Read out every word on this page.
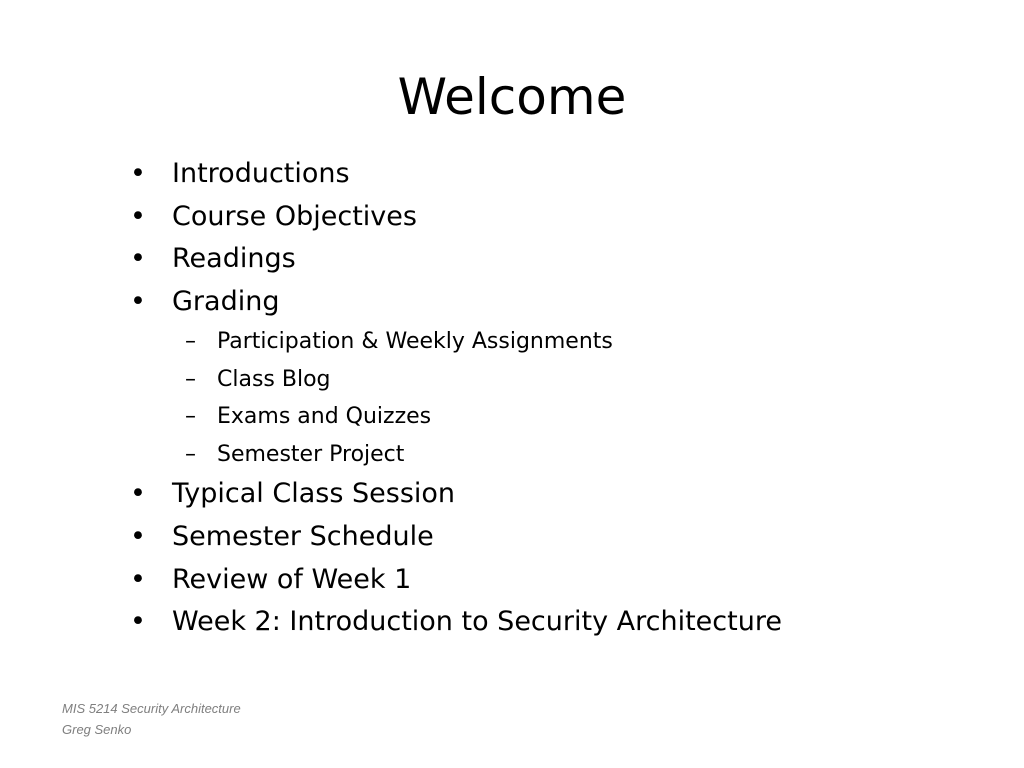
Welcome
• Introductions
• Course Objectives
• Readings
• Grading
– Participation & Weekly Assignments
– Class Blog
– Exams and Quizzes
– Semester Project
• Typical Class Session
• Semester Schedule
• Review of Week 1
• Week 2: Introduction to Security Architecture
MIS 5214 Security Architecture
Greg Senko
